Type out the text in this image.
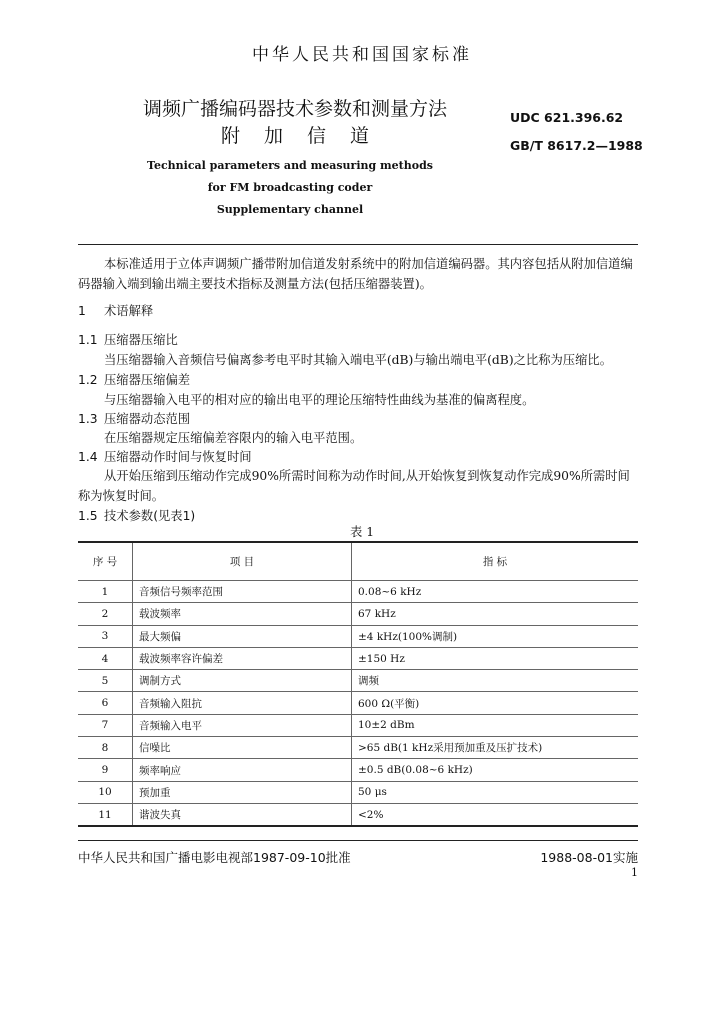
中华人民共和国国家标准
调频广播编码器技术参数和测量方法
附加信道
UDC 621.396.62
GB/T 8617.2—1988
Technical parameters and measuring methods
for FM broadcasting coder
Supplementary channel
本标准适用于立体声调频广播带附加信道发射系统中的附加信道编码器。其内容包括从附加信道编码器输入端到输出端主要技术指标及测量方法(包括压缩器装置)。
1 术语解释
1.1 压缩器压缩比
当压缩器输入音频信号偏离参考电平时其输入端电平(dB)与输出端电平(dB)之比称为压缩比。
1.2 压缩器压缩偏差
与压缩器输入电平的相对应的输出电平的理论压缩特性曲线为基准的偏离程度。
1.3 压缩器动态范围
在压缩器规定压缩偏差容限内的输入电平范围。
1.4 压缩器动作时间与恢复时间
从开始压缩到压缩动作完成90%所需时间称为动作时间,从开始恢复到恢复动作完成90%所需时间称为恢复时间。
1.5 技术参数(见表1)
表 1
序 号	项 目	指 标
1	音频信号频率范围	0.08~6 kHz
2	载波频率	67 kHz
3	最大频偏	±4 kHz(100%调制)
4	载波频率容许偏差	±150 Hz
5	调制方式	调频
6	音频输入阻抗	600 Ω(平衡)
7	音频输入电平	10±2 dBm
8	信噪比	>65 dB(1 kHz采用预加重及压扩技术)
9	频率响应	±0.5 dB(0.08~6 kHz)
10	预加重	50 μs
11	谐波失真	<2%
中华人民共和国广播电影电视部1987-09-10批准	1988-08-01实施
1
